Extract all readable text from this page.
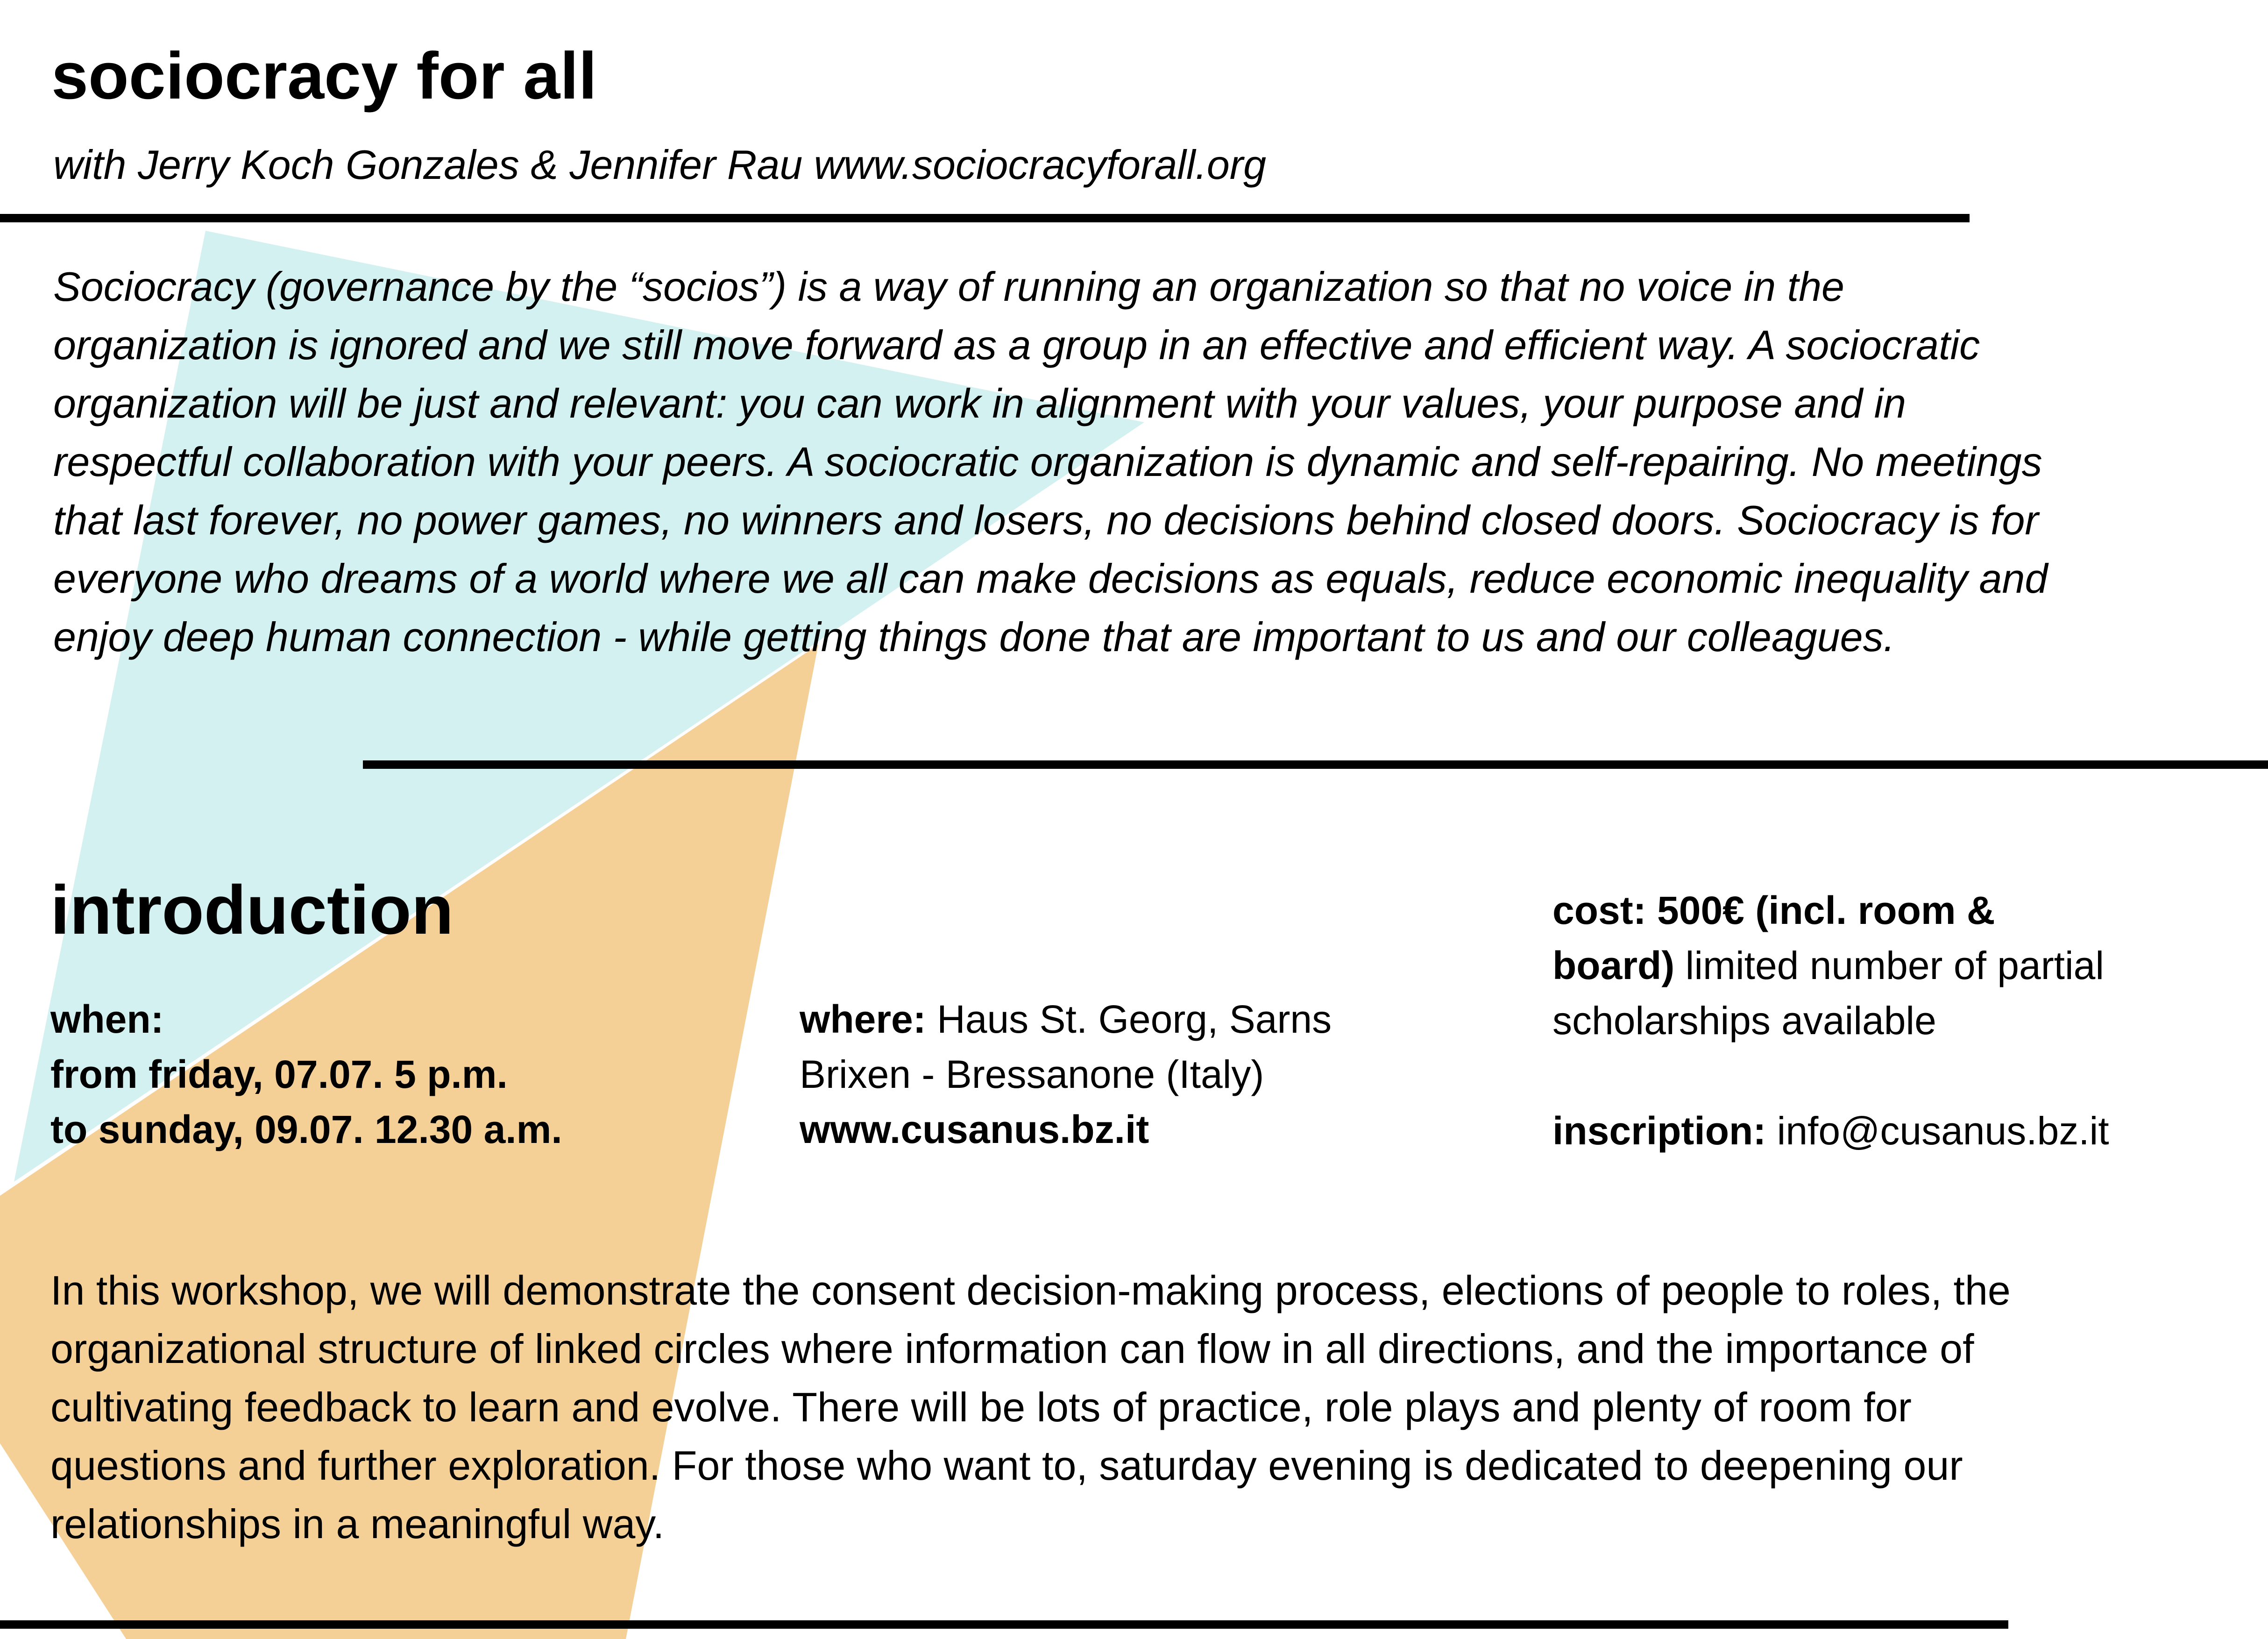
sociocracy for all

with Jerry Koch Gonzales & Jennifer Rau www.sociocracyforall.org

Sociocracy (governance by the “socios”) is a way of running an organization so that no voice in the
organization is ignored and we still move forward as a group in an effective and efficient way. A sociocratic
organization will be just and relevant: you can work in alignment with your values, your purpose and in
respectful collaboration with your peers. A sociocratic organization is dynamic and self-repairing. No meetings
that last forever, no power games, no winners and losers, no decisions behind closed doors. Sociocracy is for
everyone who dreams of a world where we all can make decisions as equals, reduce economic inequality and
enjoy deep human connection - while getting things done that are important to us and our colleagues.

introduction
when:
from friday, 07.07. 5 p.m.
to sunday, 09.07. 12.30 a.m.
where: Haus St. Georg, Sarns
Brixen - Bressanone (Italy)
www.cusanus.bz.it
cost: 500€ (incl. room &
board) limited number of partial
scholarships available
inscription: info@cusanus.bz.it

In this workshop, we will demonstrate the consent decision-making process, elections of people to roles, the
organizational structure of linked circles where information can flow in all directions, and the importance of
cultivating feedback to learn and evolve. There will be lots of practice, role plays and plenty of room for
questions and further exploration. For those who want to, saturday evening is dedicated to deepening our
relationships in a meaningful way.
